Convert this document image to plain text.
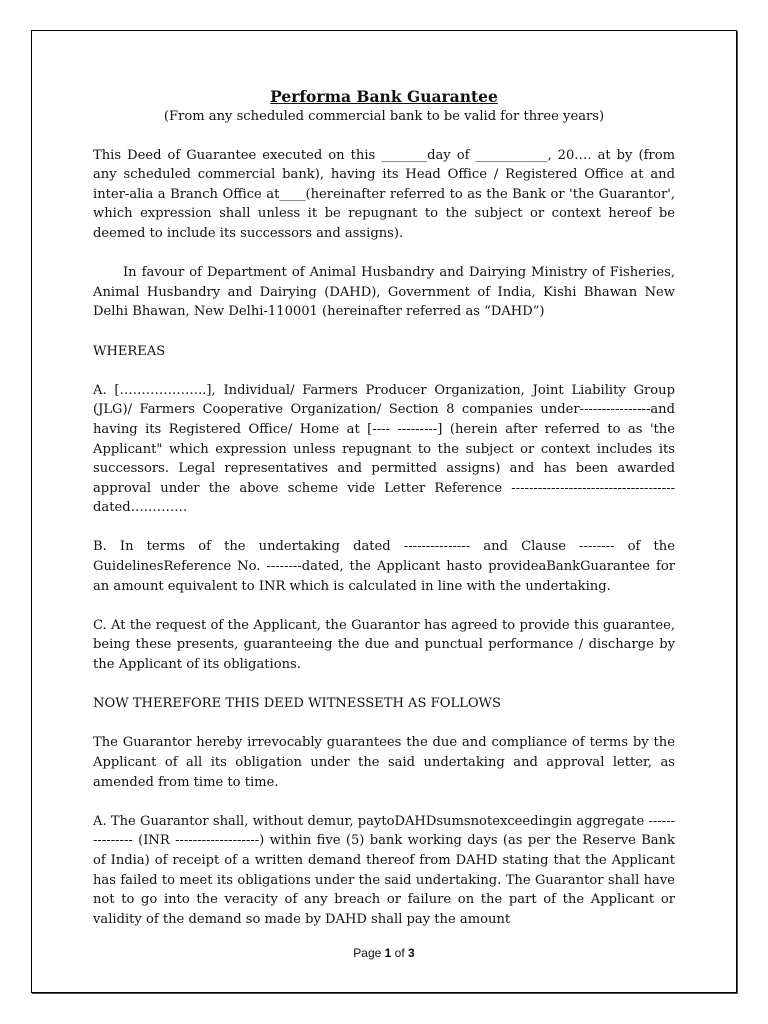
Performa Bank Guarantee
(From any scheduled commercial bank to be valid for three years)

This Deed of Guarantee executed on this _______day of ___________, 20…. at by (from any scheduled commercial bank), having its Head Office / Registered Office at and inter-alia a Branch Office at____(hereinafter referred to as the Bank or 'the Guarantor', which expression shall unless it be repugnant to the subject or context hereof be deemed to include its successors and assigns).

In favour of Department of Animal Husbandry and Dairying Ministry of Fisheries, Animal Husbandry and Dairying (DAHD), Government of India, Kishi Bhawan New Delhi Bhawan, New Delhi-110001 (hereinafter referred as “DAHD”)

WHEREAS

A. [………………..], Individual/ Farmers Producer Organization, Joint Liability Group (JLG)/ Farmers Cooperative Organization/ Section 8 companies under----------------and having its Registered Office/ Home at [---- ---------] (herein after referred to as 'the Applicant" which expression unless repugnant to the subject or context includes its successors. Legal representatives and permitted assigns) and has been awarded approval under the above scheme vide Letter Reference ------------------------------------- dated………….

B. In terms of the undertaking dated --------------- and Clause -------- of the GuidelinesReference No. --------dated, the Applicant hasto provideaBankGuarantee for an amount equivalent to INR which is calculated in line with the undertaking.

C. At the request of the Applicant, the Guarantor has agreed to provide this guarantee, being these presents, guaranteeing the due and punctual performance / discharge by the Applicant of its obligations.

NOW THEREFORE THIS DEED WITNESSETH AS FOLLOWS

The Guarantor hereby irrevocably guarantees the due and compliance of terms by the Applicant of all its obligation under the said undertaking and approval letter, as amended from time to time.

A. The Guarantor shall, without demur, paytoDAHDsumsnotexceedingin aggregate ------ --------- (INR -------------------) within five (5) bank working days (as per the Reserve Bank of India) of receipt of a written demand thereof from DAHD stating that the Applicant has failed to meet its obligations under the said undertaking. The Guarantor shall have not to go into the veracity of any breach or failure on the part of the Applicant or validity of the demand so made by DAHD shall pay the amount

Page 1 of 3
